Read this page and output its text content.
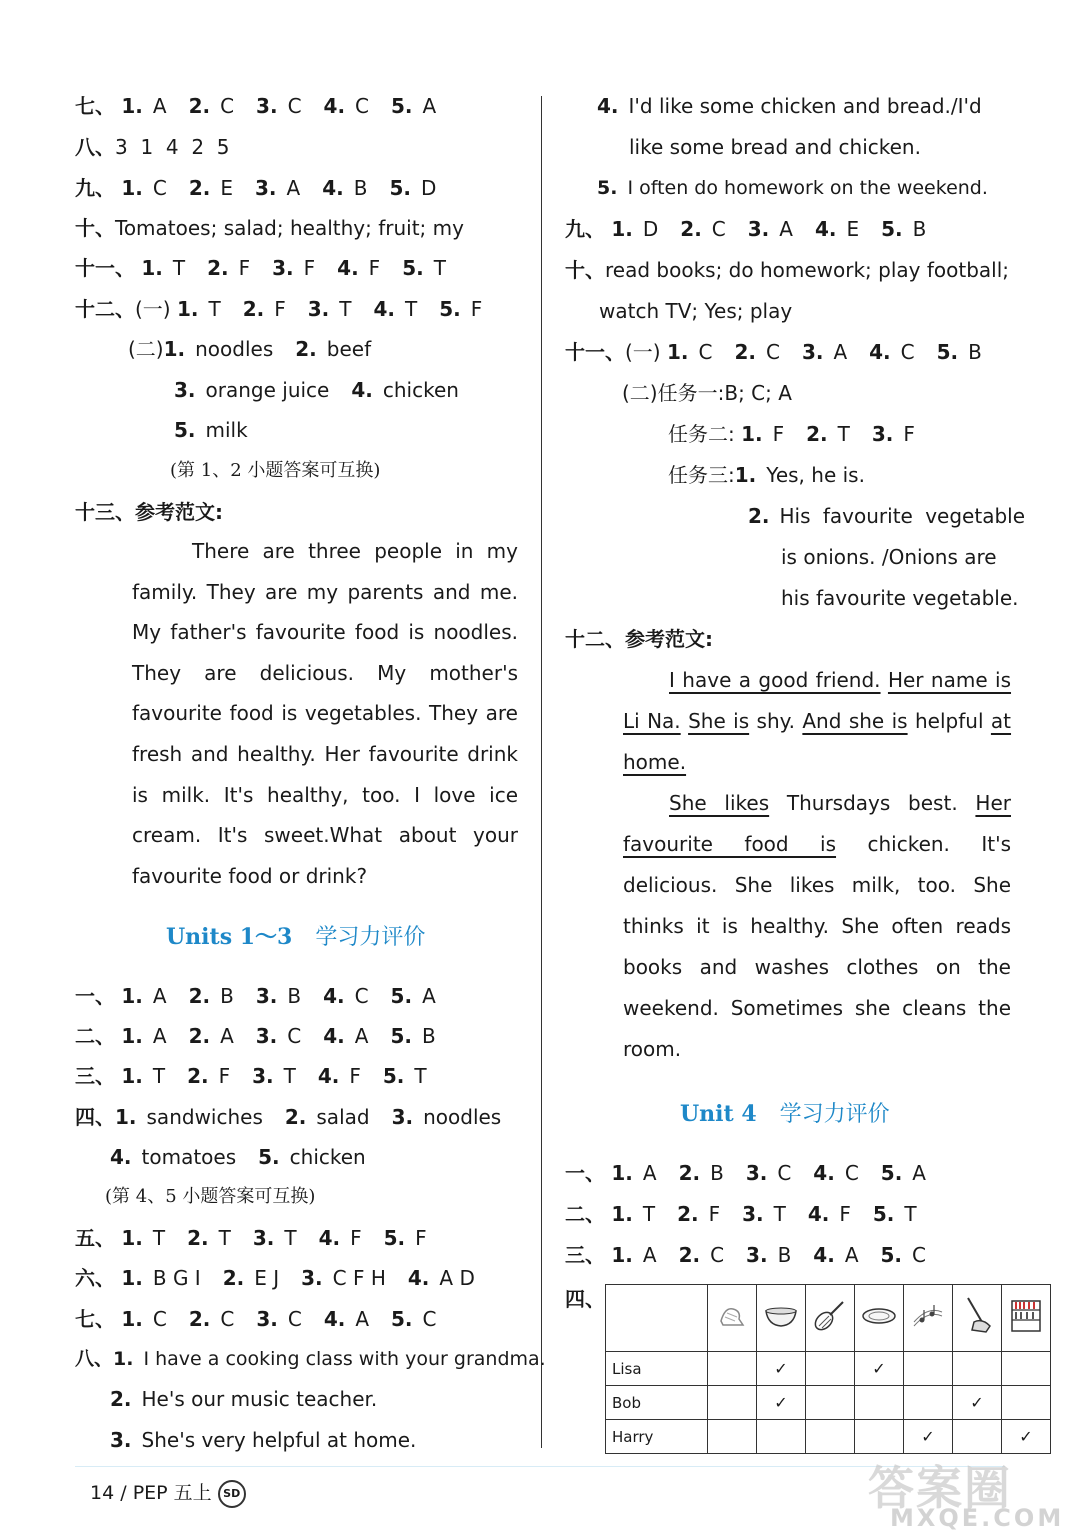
七、 1. A 2. C 3. C 4. C 5. A
八、3  1  4  2  5
九、 1. C 2. E 3. A 4. B 5. D
十、Tomatoes; salad; healthy; fruit; my
十一、 1. T 2. F 3. F 4. F 5. T
十二、(一) 1. T 2. F 3. T 4. T 5. F
(二)1. noodles 2. beef
3. orange juice 4. chicken
5. milk
(第 1、2 小题答案可互换)
十三、参考范文:
There are three people in my family. They are my parents and me. My father's favourite food is noodles. They are delicious. My mother's favourite food is vegetables. They are fresh and healthy. Her favourite drink is milk. It's healthy, too. I love ice cream. It's sweet.What about your favourite food or drink?
Units 1～3 学习力评价
一、 1. A 2. B 3. B 4. C 5. A
二、 1. A 2. A 3. C 4. A 5. B
三、 1. T 2. F 3. T 4. F 5. T
四、1. sandwiches 2. salad 3. noodles
4. tomatoes 5. chicken
(第 4、5 小题答案可互换)
五、 1. T 2. T 3. T 4. F 5. F
六、 1. B G I 2. E J 3. C F H 4. A D
七、 1. C 2. C 3. C 4. A 5. C
八、1. I have a cooking class with your grandma.
2. He's our music teacher.
3. She's very helpful at home.
4. I'd like some chicken and bread./I'd
like some bread and chicken.
5. I often do homework on the weekend.
九、 1. D 2. C 3. A 4. E 5. B
十、read books; do homework; play football;
watch TV; Yes; play
十一、(一) 1. C 2. C 3. A 4. C 5. B
(二)任务一:B; C; A
任务二: 1. F 2. T 3. F
任务三:1. Yes, he is.
2. His favourite vegetable
is onions. /Onions are
his favourite vegetable.
十二、参考范文:
I have a good friend. Her name is Li Na. She is shy. And she is helpful at home.
She likes Thursdays best. Her favourite food is chicken. It's delicious. She likes milk, too. She thinks it is healthy. She often reads books and washes clothes on the weekend. Sometimes she cleans the room.
Unit 4 学习力评价
一、 1. A 2. B 3. C 4. C 5. A
二、 1. T 2. F 3. T 4. F 5. T
三、 1. A 2. C 3. B 4. A 5. C
四、

Lisa		✓		✓			
Bob		✓				✓	
Harry					✓		✓
14 / PEP 五上 SD	答案圈
MXQE.COM
